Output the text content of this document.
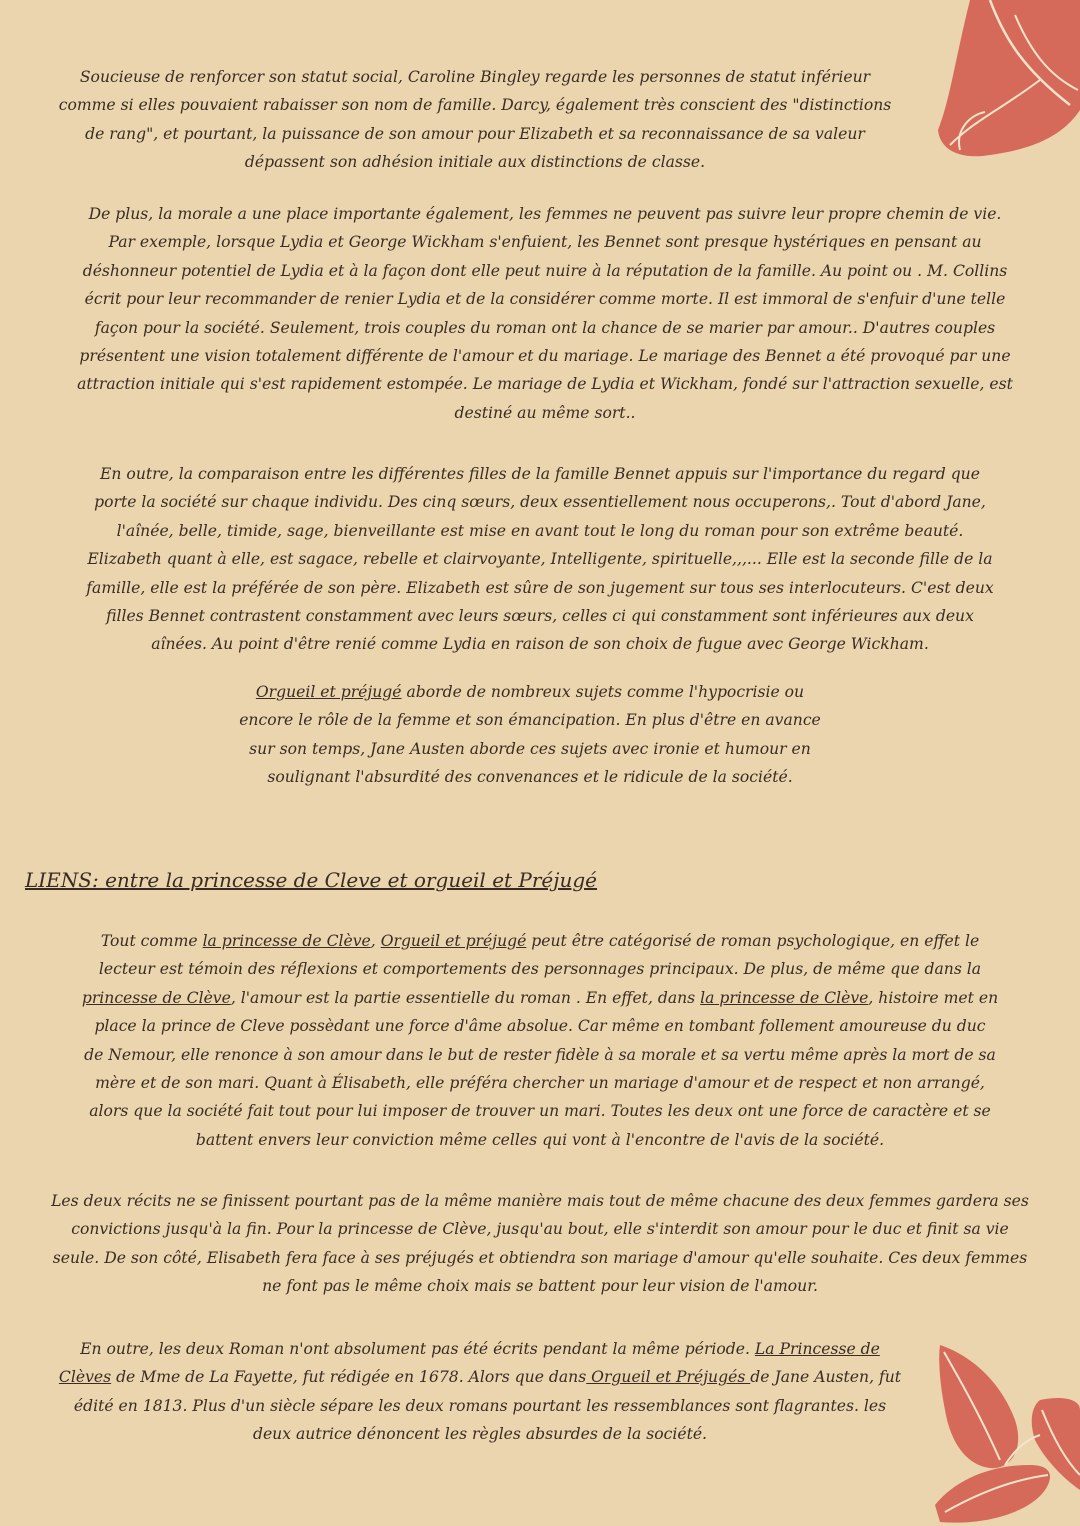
Soucieuse de renforcer son statut social, Caroline Bingley regarde les personnes de statut inférieur
comme si elles pouvaient rabaisser son nom de famille. Darcy, également très conscient des "distinctions
de rang", et pourtant, la puissance de son amour pour Elizabeth et sa reconnaissance de sa valeur
dépassent son adhésion initiale aux distinctions de classe.
De plus, la morale a une place importante également, les femmes ne peuvent pas suivre leur propre chemin de vie.
Par exemple, lorsque Lydia et George Wickham s'enfuient, les Bennet sont presque hystériques en pensant au
déshonneur potentiel de Lydia et à la façon dont elle peut nuire à la réputation de la famille. Au point ou . M. Collins
écrit pour leur recommander de renier Lydia et de la considérer comme morte. Il est immoral de s'enfuir d'une telle
façon pour la société. Seulement, trois couples du roman ont la chance de se marier par amour.. D'autres couples
présentent une vision totalement différente de l'amour et du mariage. Le mariage des Bennet a été provoqué par une
attraction initiale qui s'est rapidement estompée. Le mariage de Lydia et Wickham, fondé sur l'attraction sexuelle, est
destiné au même sort..
En outre, la comparaison entre les différentes filles de la famille Bennet appuis sur l'importance du regard que
porte la société sur chaque individu. Des cinq sœurs, deux essentiellement nous occuperons,. Tout d'abord Jane,
l'aînée, belle, timide, sage, bienveillante est mise en avant tout le long du roman pour son extrême beauté.
Elizabeth quant à elle, est sagace, rebelle et clairvoyante, Intelligente, spirituelle,,,... Elle est la seconde fille de la
famille, elle est la préférée de son père. Elizabeth est sûre de son jugement sur tous ses interlocuteurs. C'est deux
filles Bennet contrastent constamment avec leurs sœurs, celles ci qui constamment sont inférieures aux deux
aînées. Au point d'être renié comme Lydia en raison de son choix de fugue avec George Wickham.
Orgueil et préjugé aborde de nombreux sujets comme l'hypocrisie ou
encore le rôle de la femme et son émancipation. En plus d'être en avance
sur son temps, Jane Austen aborde ces sujets avec ironie et humour en
soulignant l'absurdité des convenances et le ridicule de la société.
LIENS: entre la princesse de Cleve et orgueil et Préjugé
Tout comme la princesse de Clève, Orgueil et préjugé peut être catégorisé de roman psychologique, en effet le
lecteur est témoin des réflexions et comportements des personnages principaux. De plus, de même que dans la
princesse de Clève, l'amour est la partie essentielle du roman . En effet, dans la princesse de Clève, histoire met en
place la prince de Cleve possèdant une force d'âme absolue. Car même en tombant follement amoureuse du duc
de Nemour, elle renonce à son amour dans le but de rester fidèle à sa morale et sa vertu même après la mort de sa
mère et de son mari. Quant à Élisabeth, elle préféra chercher un mariage d'amour et de respect et non arrangé,
alors que la société fait tout pour lui imposer de trouver un mari. Toutes les deux ont une force de caractère et se
battent envers leur conviction même celles qui vont à l'encontre de l'avis de la société.
Les deux récits ne se finissent pourtant pas de la même manière mais tout de même chacune des deux femmes gardera ses
convictions jusqu'à la fin. Pour la princesse de Clève, jusqu'au bout, elle s'interdit son amour pour le duc et finit sa vie
seule. De son côté, Elisabeth fera face à ses préjugés et obtiendra son mariage d'amour qu'elle souhaite. Ces deux femmes
ne font pas le même choix mais se battent pour leur vision de l'amour.
En outre, les deux Roman n'ont absolument pas été écrits pendant la même période. La Princesse de
Clèves de Mme de La Fayette, fut rédigée en 1678. Alors que dans Orgueil et Préjugés de Jane Austen, fut
édité en 1813. Plus d'un siècle sépare les deux romans pourtant les ressemblances sont flagrantes. les
deux autrice dénoncent les règles absurdes de la société.
